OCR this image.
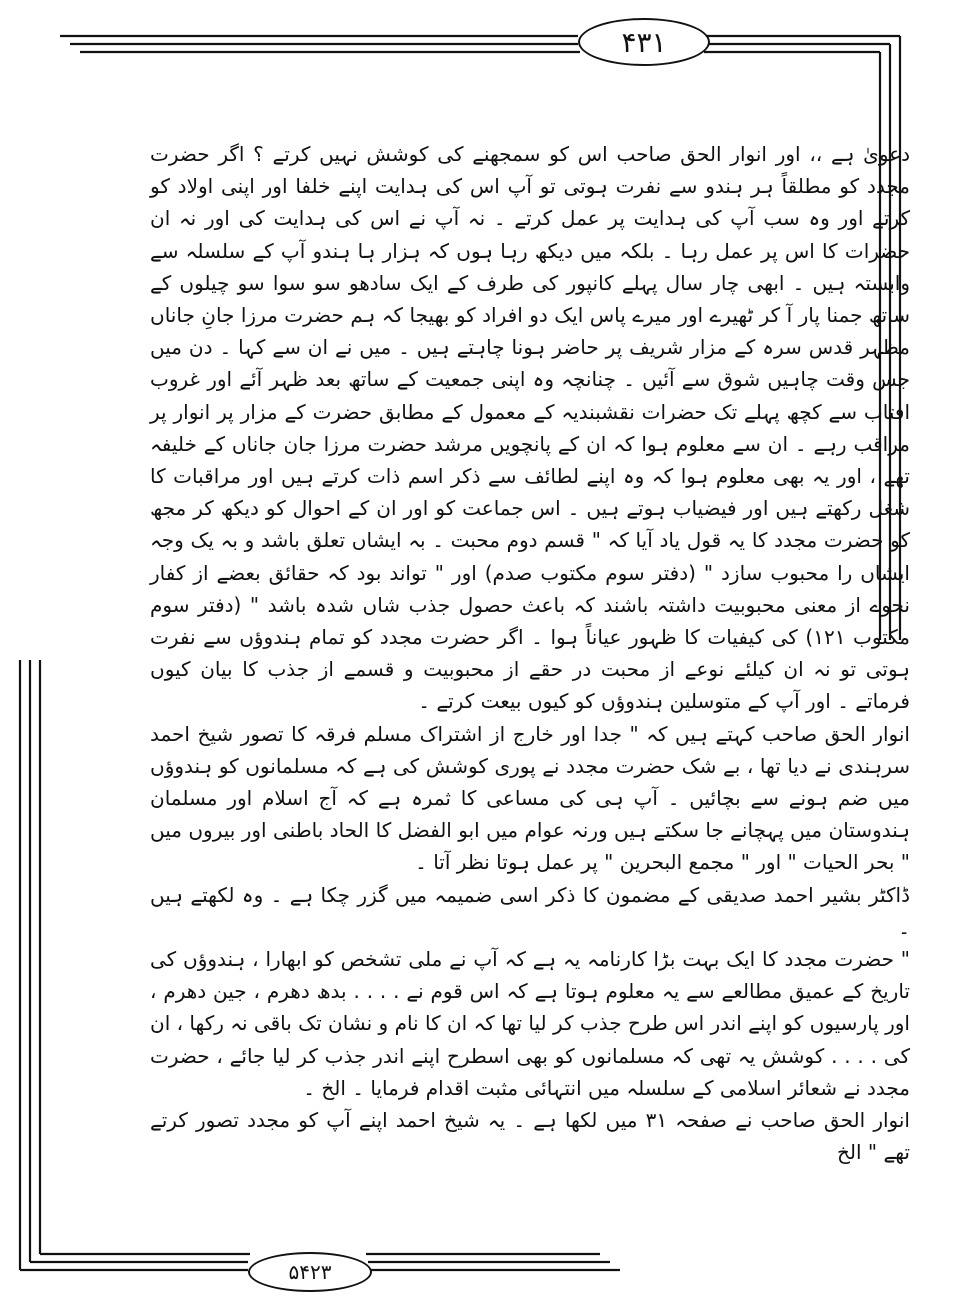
۴۳۱

دعویٰ ہے ،، اور انوار الحق صاحب اس کو سمجھنے کی کوشش نہیں کرتے ؟ اگر حضرت مجدد کو مطلقاً ہر ہندو سے نفرت ہوتی تو آپ اس کی ہدایت اپنے خلفا اور اپنی اولاد کو کرتے اور وہ سب آپ کی ہدایت پر عمل کرتے ۔ نہ آپ نے اس کی ہدایت کی اور نہ ان حضرات کا اس پر عمل رہا ۔ بلکہ میں دیکھ رہا ہوں کہ ہزار ہا ہندو آپ کے سلسلہ سے وابستہ ہیں ۔ ابھی چار سال پہلے کانپور کی طرف کے ایک سادھو سو سوا سو چیلوں کے ساتھ جمنا پار آ کر ٹھیرے اور میرے پاس ایک دو افراد کو بھیجا کہ ہم حضرت مرزا جانِ جاناں مظہر قدس سرہ کے مزار شریف پر حاضر ہونا چاہتے ہیں ۔ میں نے ان سے کہا ۔ دن میں جس وقت چاہیں شوق سے آئیں ۔ چنانچہ وہ اپنی جمعیت کے ساتھ بعد ظہر آئے اور غروب افتاب سے کچھ پہلے تک حضرات نقشبندیہ کے معمول کے مطابق حضرت کے مزار پر انوار پر مراقب رہے ۔ ان سے معلوم ہوا کہ ان کے پانچویں مرشد حضرت مرزا جان جاناں کے خلیفہ تھے ، اور یہ بھی معلوم ہوا کہ وہ اپنے لطائف سے ذکر اسم ذات کرتے ہیں اور مراقبات کا شغل رکھتے ہیں اور فیضیاب ہوتے ہیں ۔ اس جماعت کو اور ان کے احوال کو دیکھ کر مجھ کو حضرت مجدد کا یہ قول یاد آیا کہ " قسم دوم محبت ۔ بہ ایشاں تعلق باشد و بہ یک وجہ ایشاں را محبوب سازد " (دفتر سوم مکتوب صدم) اور " تواند بود کہ حقائق بعضے از کفار نحوے از معنی محبوبیت داشتہ باشند کہ باعث حصول جذب شاں شدہ باشد " (دفتر سوم مکتوب ۱۲۱) کی کیفیات کا ظہور عیاناً ہوا ۔ اگر حضرت مجدد کو تمام ہندوؤں سے نفرت ہوتی تو نہ ان کیلئے نوعے از محبت در حقے از محبوبیت و قسمے از جذب کا بیان کیوں فرماتے ۔ اور آپ کے متوسلین ہندوؤں کو کیوں بیعت کرتے ۔

انوار الحق صاحب کہتے ہیں کہ " جدا اور خارج از اشتراک مسلم فرقہ کا تصور شیخ احمد سرہندی نے دیا تھا ، بے شک حضرت مجدد نے پوری کوشش کی ہے کہ مسلمانوں کو ہندوؤں میں ضم ہونے سے بچائیں ۔ آپ ہی کی مساعی کا ثمرہ ہے کہ آج اسلام اور مسلمان ہندوستان میں پہچانے جا سکتے ہیں ورنہ عوام میں ابو الفضل کا الحاد باطنی اور بیروں میں " بحر الحیات " اور " مجمع البحرین " پر عمل ہوتا نظر آتا ۔

ڈاکٹر بشیر احمد صدیقی کے مضمون کا ذکر اسی ضمیمہ میں گزر چکا ہے ۔ وہ لکھتے ہیں ۔

" حضرت مجدد کا ایک بہت بڑا کارنامہ یہ ہے کہ آپ نے ملی تشخص کو ابھارا ، ہندوؤں کی تاریخ کے عمیق مطالعے سے یہ معلوم ہوتا ہے کہ اس قوم نے . . . . بدھ دھرم ، جین دھرم ، اور پارسیوں کو اپنے اندر اس طرح جذب کر لیا تھا کہ ان کا نام و نشان تک باقی نہ رکھا ، ان کی . . . . کوشش یہ تھی کہ مسلمانوں کو بھی اسطرح اپنے اندر جذب کر لیا جائے ، حضرت مجدد نے شعائر اسلامی کے سلسلہ میں انتہائی مثبت اقدام فرمایا ۔ الخ ۔

انوار الحق صاحب نے صفحہ ۳۱ میں لکھا ہے ۔ یہ شیخ احمد اپنے آپ کو مجدد تصور کرتے تھے " الخ

۵۴۲۳
